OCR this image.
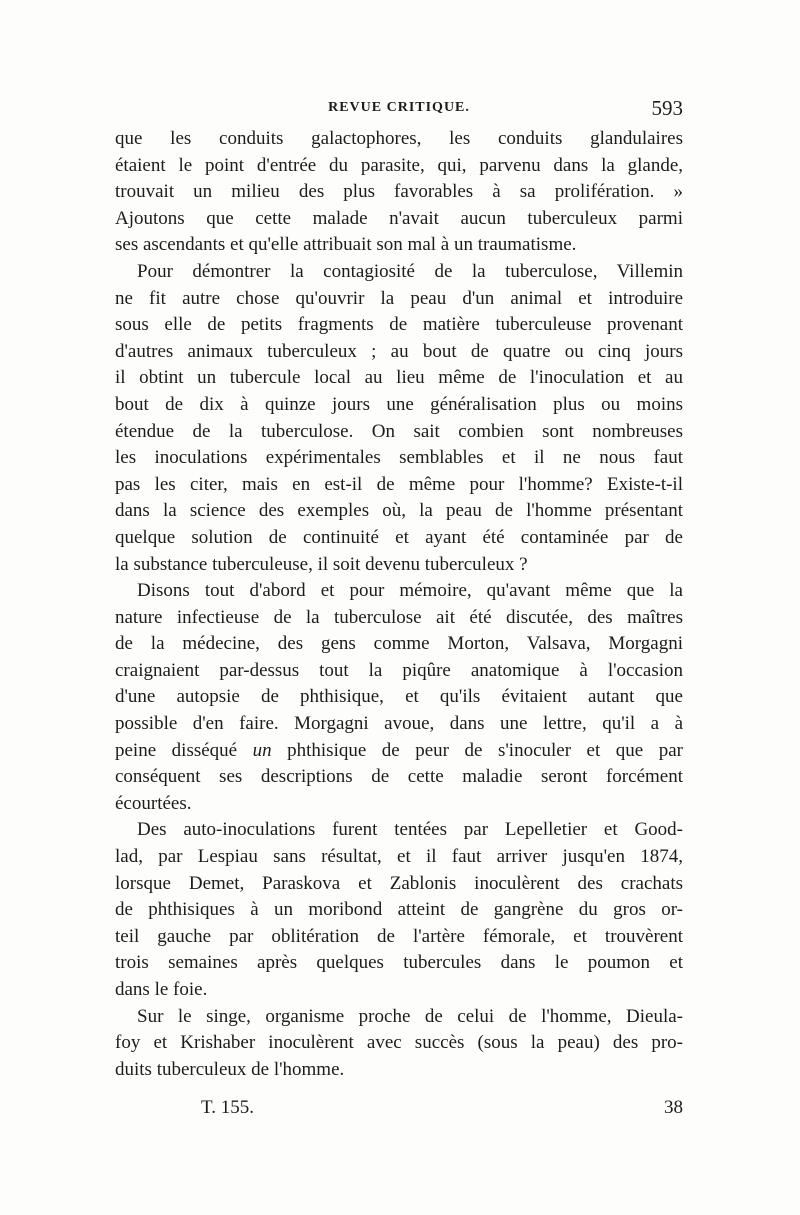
REVUE CRITIQUE.	593
que les conduits galactophores, les conduits glandulaires
étaient le point d'entrée du parasite, qui, parvenu dans la glande,
trouvait un milieu des plus favorables à sa prolifération. »
Ajoutons que cette malade n'avait aucun tuberculeux parmi
ses ascendants et qu'elle attribuait son mal à un traumatisme.
Pour démontrer la contagiosité de la tuberculose, Villemin
ne fit autre chose qu'ouvrir la peau d'un animal et introduire
sous elle de petits fragments de matière tuberculeuse provenant
d'autres animaux tuberculeux ; au bout de quatre ou cinq jours
il obtint un tubercule local au lieu même de l'inoculation et au
bout de dix à quinze jours une généralisation plus ou moins
étendue de la tuberculose. On sait combien sont nombreuses
les inoculations expérimentales semblables et il ne nous faut
pas les citer, mais en est-il de même pour l'homme? Existe-t-il
dans la science des exemples où, la peau de l'homme présentant
quelque solution de continuité et ayant été contaminée par de
la substance tuberculeuse, il soit devenu tuberculeux ?
Disons tout d'abord et pour mémoire, qu'avant même que la
nature infectieuse de la tuberculose ait été discutée, des maîtres
de la médecine, des gens comme Morton, Valsava, Morgagni
craignaient par-dessus tout la piqûre anatomique à l'occasion
d'une autopsie de phthisique, et qu'ils évitaient autant que
possible d'en faire. Morgagni avoue, dans une lettre, qu'il a à
peine disséqué un phthisique de peur de s'inoculer et que par
conséquent ses descriptions de cette maladie seront forcément
écourtées.
Des auto-inoculations furent tentées par Lepelletier et Good-
lad, par Lespiau sans résultat, et il faut arriver jusqu'en 1874,
lorsque Demet, Paraskova et Zablonis inoculèrent des crachats
de phthisiques à un moribond atteint de gangrène du gros or-
teil gauche par oblitération de l'artère fémorale, et trouvèrent
trois semaines après quelques tubercules dans le poumon et
dans le foie.
Sur le singe, organisme proche de celui de l'homme, Dieula-
foy et Krishaber inoculèrent avec succès (sous la peau) des pro-
duits tuberculeux de l'homme.
T. 155.	38
